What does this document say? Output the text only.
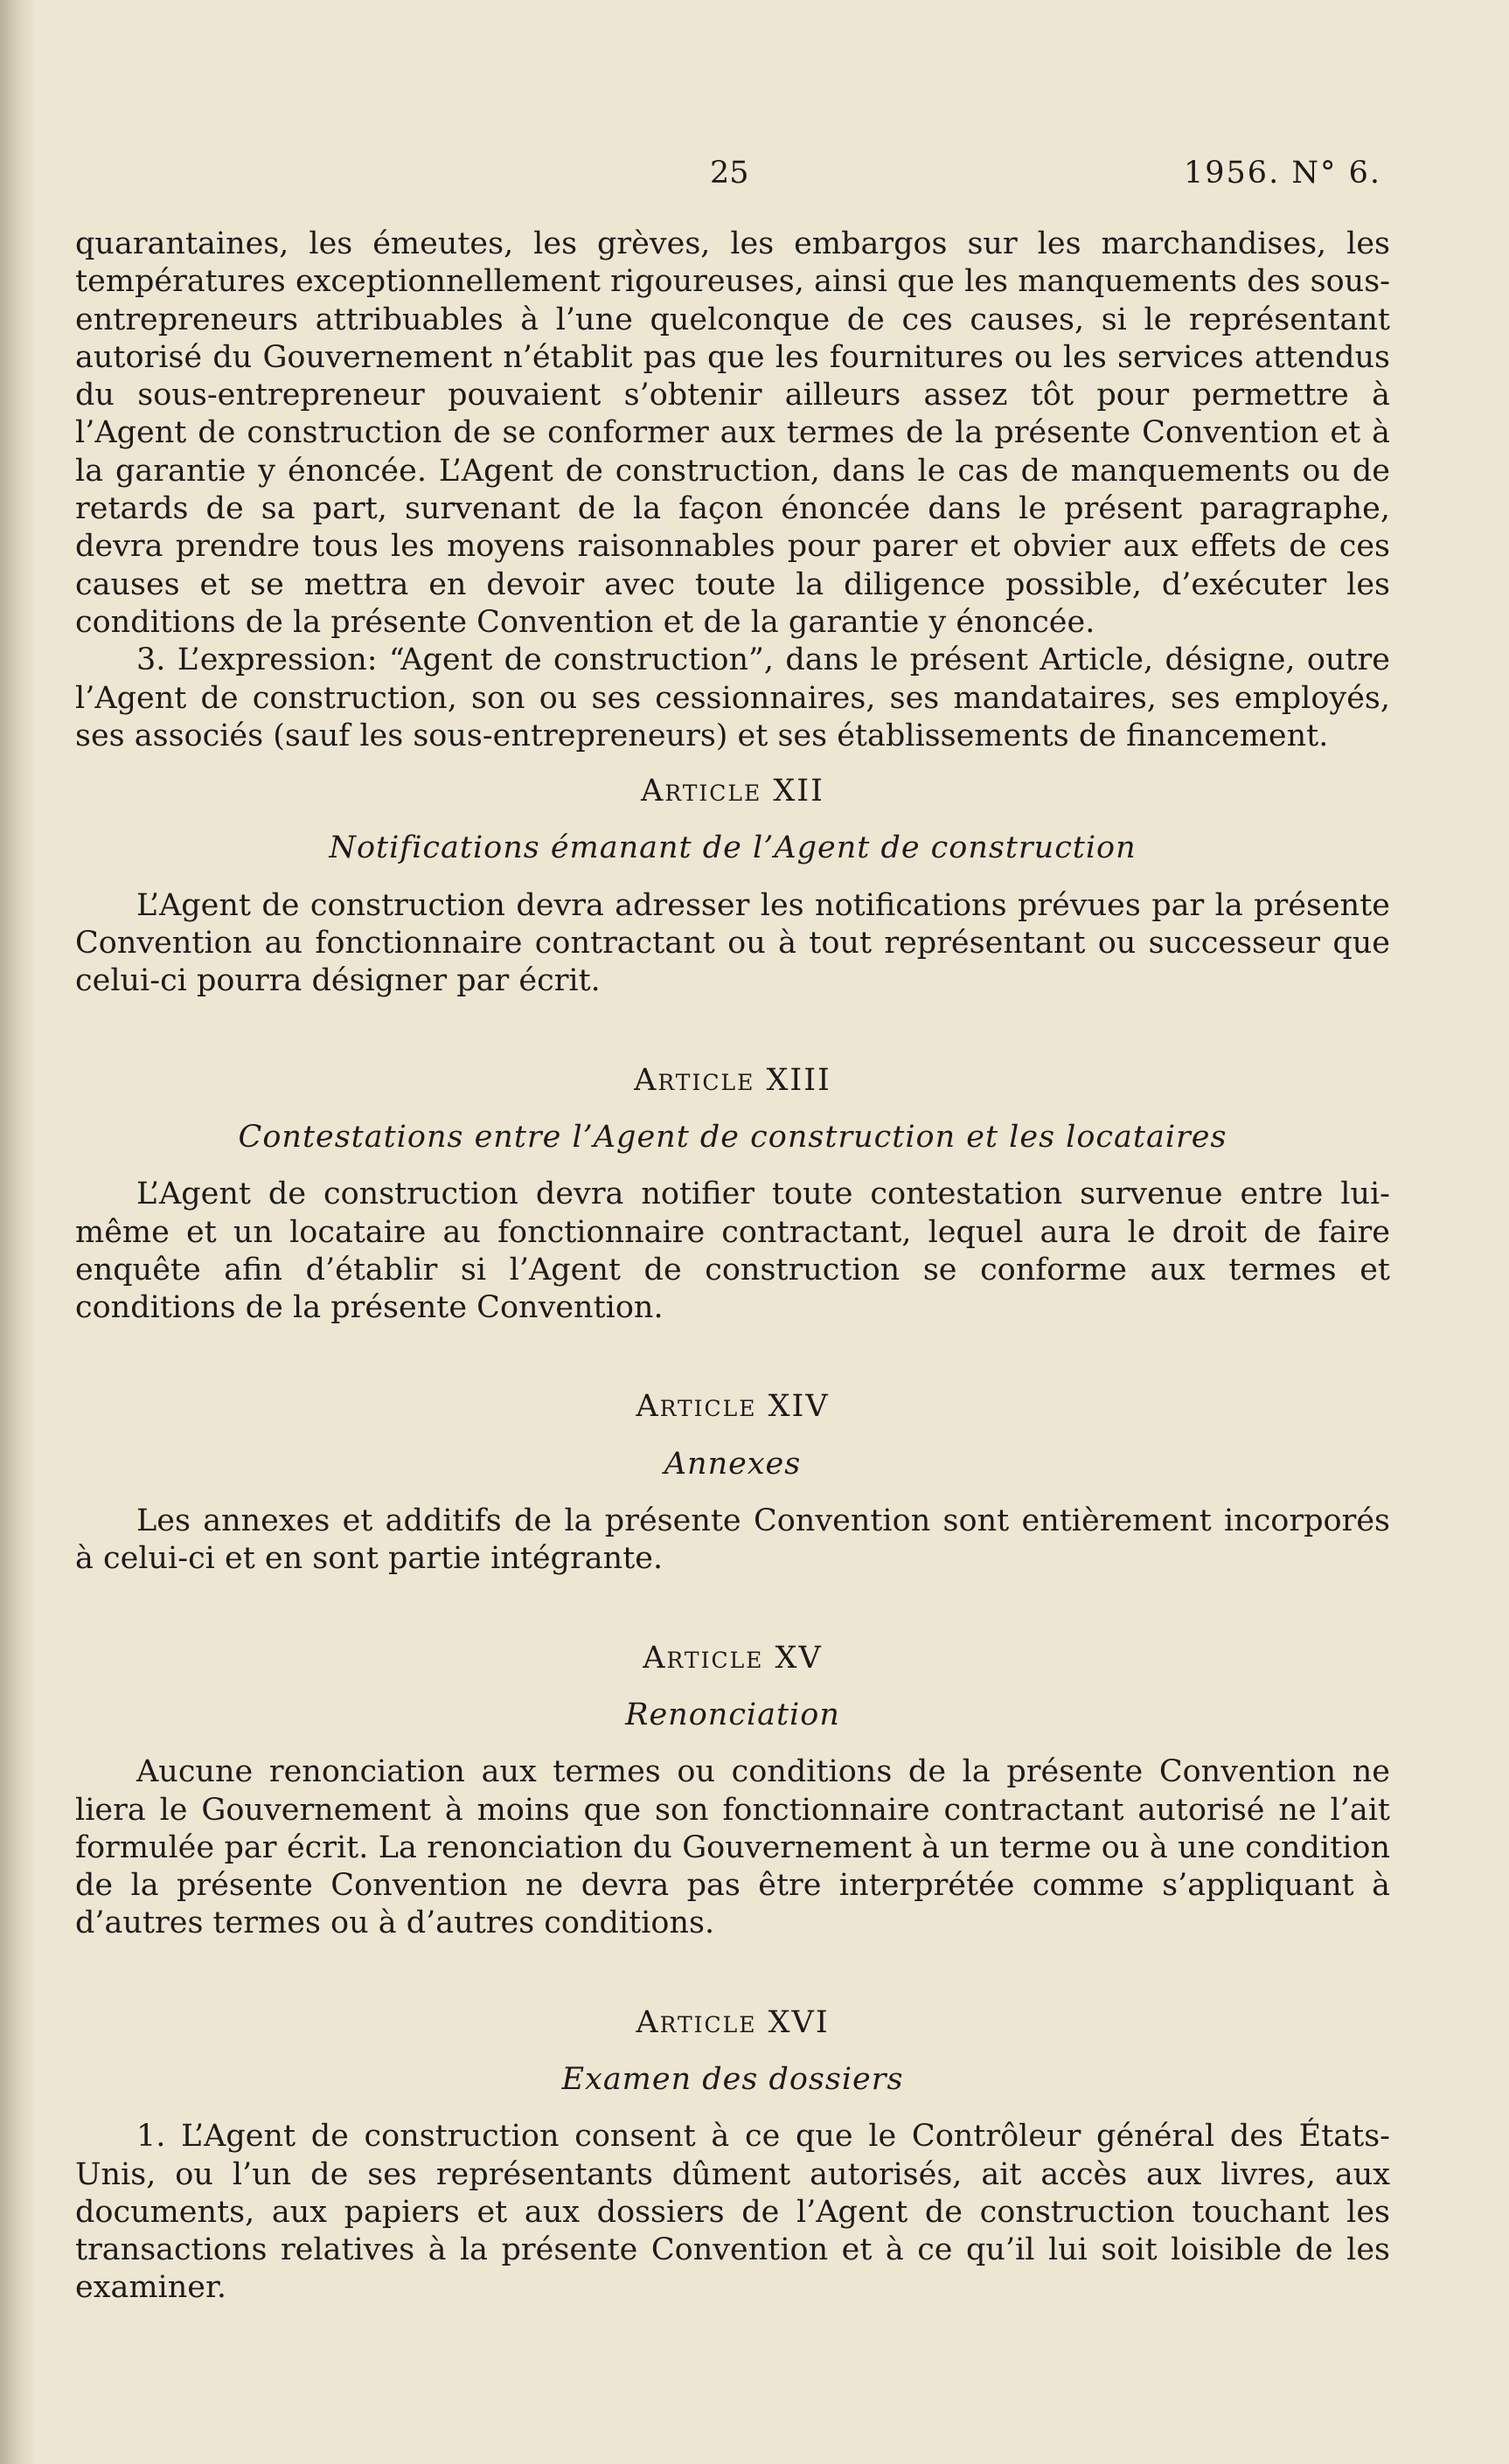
25	1956. N° 6.

quarantaines, les émeutes, les grèves, les embargos sur les marchandises, les températures exceptionnellement rigoureuses, ainsi que les manquements des sous-entrepreneurs attribuables à l’une quelconque de ces causes, si le représentant autorisé du Gouvernement n’établit pas que les fournitures ou les services attendus du sous-entrepreneur pouvaient s’obtenir ailleurs assez tôt pour permettre à l’Agent de construction de se conformer aux termes de la présente Convention et à la garantie y énoncée. L’Agent de construction, dans le cas de manquements ou de retards de sa part, survenant de la façon énoncée dans le présent paragraphe, devra prendre tous les moyens raisonnables pour parer et obvier aux effets de ces causes et se mettra en devoir avec toute la diligence possible, d’exécuter les conditions de la présente Convention et de la garantie y énoncée.

3. L’expression: “Agent de construction”, dans le présent Article, désigne, outre l’Agent de construction, son ou ses cessionnaires, ses mandataires, ses employés, ses associés (sauf les sous-entrepreneurs) et ses établissements de financement.

Article XII

Notifications émanant de l’Agent de construction

L’Agent de construction devra adresser les notifications prévues par la présente Convention au fonctionnaire contractant ou à tout représentant ou successeur que celui-ci pourra désigner par écrit.

Article XIII

Contestations entre l’Agent de construction et les locataires

L’Agent de construction devra notifier toute contestation survenue entre lui-même et un locataire au fonctionnaire contractant, lequel aura le droit de faire enquête afin d’établir si l’Agent de construction se conforme aux termes et conditions de la présente Convention.

Article XIV

Annexes

Les annexes et additifs de la présente Convention sont entièrement incorporés à celui-ci et en sont partie intégrante.

Article XV

Renonciation

Aucune renonciation aux termes ou conditions de la présente Convention ne liera le Gouvernement à moins que son fonctionnaire contractant autorisé ne l’ait formulée par écrit. La renonciation du Gouvernement à un terme ou à une condition de la présente Convention ne devra pas être interprétée comme s’appliquant à d’autres termes ou à d’autres conditions.

Article XVI

Examen des dossiers

1. L’Agent de construction consent à ce que le Contrôleur général des États-Unis, ou l’un de ses représentants dûment autorisés, ait accès aux livres, aux documents, aux papiers et aux dossiers de l’Agent de construction touchant les transactions relatives à la présente Convention et à ce qu’il lui soit loisible de les examiner.
